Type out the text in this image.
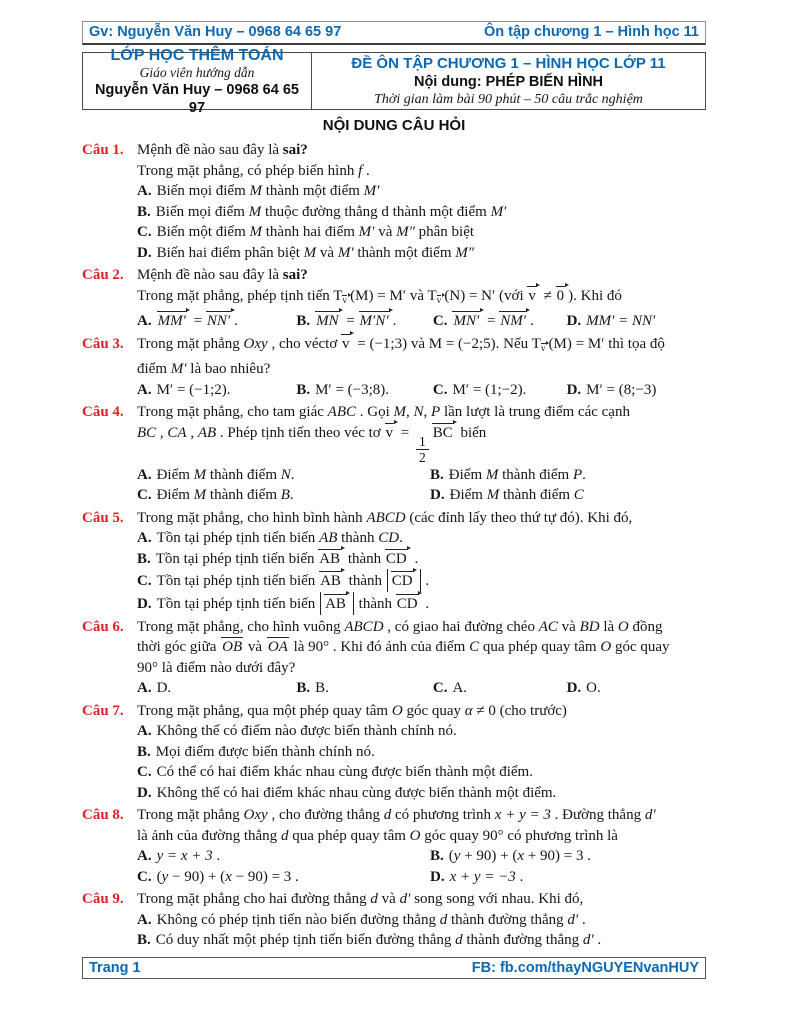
Gv: Nguyễn Văn Huy – 0968 64 65 97	Ôn tập chương 1 – Hình học 11
LỚP HỌC THÊM TOÁN
Giáo viên hướng dẫn
Nguyễn Văn Huy – 0968 64 65 97
ĐỀ ÔN TẬP CHƯƠNG 1 – HÌNH HỌC LỚP 11
Nội dung: PHÉP BIẾN HÌNH
Thời gian làm bài 90 phút – 50 câu trắc nghiệm
NỘI DUNG CÂU HỎI
Câu 1. Mệnh đề nào sau đây là sai?
Trong mặt phẳng, có phép biến hình f .
A. Biến mọi điểm M thành một điểm M′
B. Biến mọi điểm M thuộc đường thẳng d thành một điểm M′
C. Biến một điểm M thành hai điểm M′ và M″ phân biệt
D. Biến hai điểm phân biệt M và M′ thành một điểm M″
Câu 2. Mệnh đề nào sau đây là sai?
Trong mặt phẳng, phép tịnh tiến Tv (M) = M′ và Tv (N) = N′ (với v ≠ 0 ). Khi đó
A. MM′ = NN′ .	B. MN = M′N′ .	C. MN′ = NM′ .	D. MM′ = NN′
Câu 3. Trong mặt phẳng Oxy , cho véctơ v = (−1;3) và M = (−2;5). Nếu Tv (M) = M′ thì tọa độ
điểm M′ là bao nhiêu?
A. M′ = (−1;2).	B. M′ = (−3;8).	C. M′ = (1;−2).	D. M′ = (8;−3)
Câu 4. Trong mặt phẳng, cho tam giác ABC . Gọi M, N, P lần lượt là trung điểm các cạnh
BC , CA , AB . Phép tịnh tiến theo véc tơ v =
$\frac{1}{2}$
BC biến
A. Điểm M thành điểm N.	B. Điểm M thành điểm P.
C. Điểm M thành điểm B.	D. Điểm M thành điểm C
Câu 5. Trong mặt phẳng, cho hình bình hành ABCD (các đỉnh lấy theo thứ tự đó). Khi đó,
A. Tồn tại phép tịnh tiến biến AB thành CD.
B. Tồn tại phép tịnh tiến biến AB thành CD .
C. Tồn tại phép tịnh tiến biến AB thành CD .
D. Tồn tại phép tịnh tiến biến AB thành CD .
Câu 6. Trong mặt phẳng, cho hình vuông ABCD , có giao hai đường chéo AC và BD là O đồng
thời góc giữa OB và OA là 90° . Khi đó ảnh của điểm C qua phép quay tâm O góc quay
90° là điểm nào dưới đây?
A. D.	B. B.	C. A.	D. O.
Câu 7. Trong mặt phẳng, qua một phép quay tâm O góc quay α ≠ 0 (cho trước)
A. Không thể có điểm nào được biến thành chính nó.
B. Mọi điểm được biến thành chính nó.
C. Có thể có hai điểm khác nhau cùng được biến thành một điểm.
D. Không thể có hai điểm khác nhau cùng được biến thành một điểm.
Câu 8. Trong mặt phẳng Oxy , cho đường thẳng d có phương trình x + y = 3 . Đường thẳng d′
là ảnh của đường thẳng d qua phép quay tâm O góc quay 90° có phương trình là
A. y = x + 3 .	B. (y + 90) + (x + 90) = 3 .
C. (y − 90) + (x − 90) = 3 .	D. x + y = −3 .
Câu 9. Trong mặt phẳng cho hai đường thẳng d và d′ song song với nhau. Khi đó,
A. Không có phép tịnh tiến nào biến đường thẳng d thành đường thẳng d′ .
B. Có duy nhất một phép tịnh tiến biến đường thẳng d thành đường thẳng d′ .
Trang 1	FB: fb.com/thayNGUYENvanHUY
